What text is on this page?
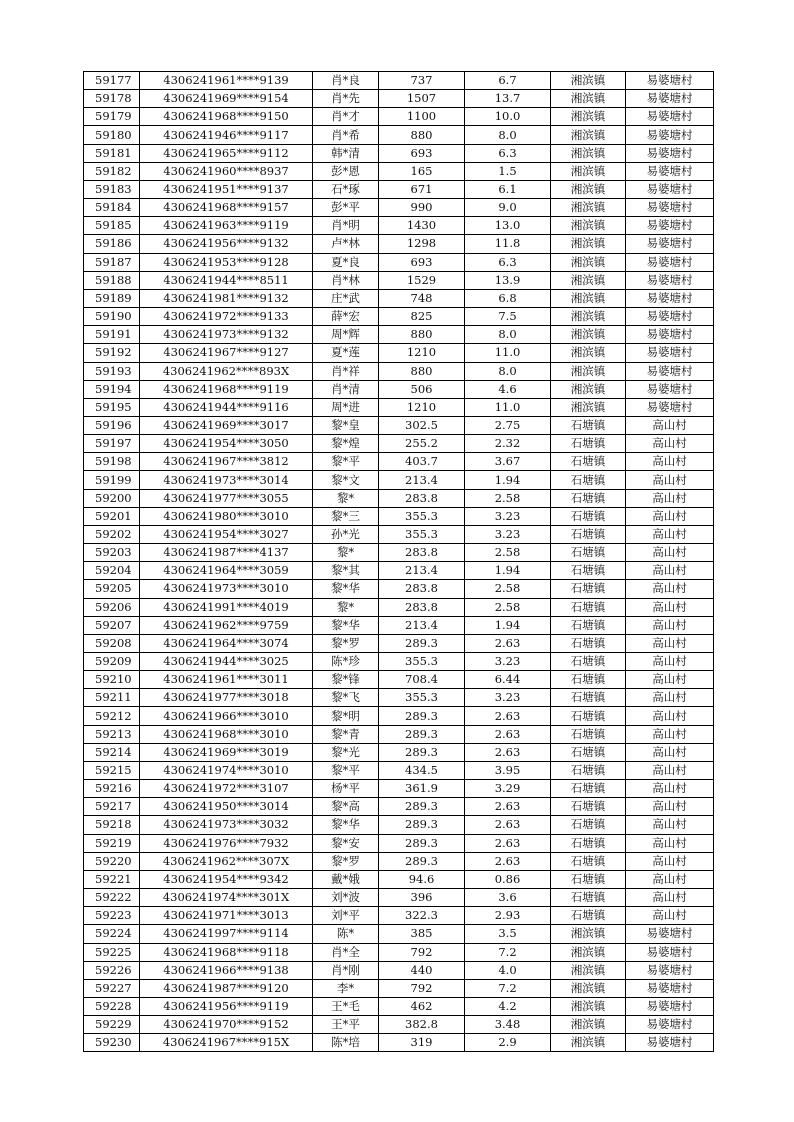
59177	4306241961****9139	肖*良	737	6.7	湘滨镇	易婆塘村
59178	4306241969****9154	肖*先	1507	13.7	湘滨镇	易婆塘村
59179	4306241968****9150	肖*才	1100	10.0	湘滨镇	易婆塘村
59180	4306241946****9117	肖*希	880	8.0	湘滨镇	易婆塘村
59181	4306241965****9112	韩*清	693	6.3	湘滨镇	易婆塘村
59182	4306241960****8937	彭*恩	165	1.5	湘滨镇	易婆塘村
59183	4306241951****9137	石*琢	671	6.1	湘滨镇	易婆塘村
59184	4306241968****9157	彭*平	990	9.0	湘滨镇	易婆塘村
59185	4306241963****9119	肖*明	1430	13.0	湘滨镇	易婆塘村
59186	4306241956****9132	卢*林	1298	11.8	湘滨镇	易婆塘村
59187	4306241953****9128	夏*良	693	6.3	湘滨镇	易婆塘村
59188	4306241944****8511	肖*林	1529	13.9	湘滨镇	易婆塘村
59189	4306241981****9132	庄*武	748	6.8	湘滨镇	易婆塘村
59190	4306241972****9133	薛*宏	825	7.5	湘滨镇	易婆塘村
59191	4306241973****9132	周*辉	880	8.0	湘滨镇	易婆塘村
59192	4306241967****9127	夏*莲	1210	11.0	湘滨镇	易婆塘村
59193	4306241962****893X	肖*祥	880	8.0	湘滨镇	易婆塘村
59194	4306241968****9119	肖*清	506	4.6	湘滨镇	易婆塘村
59195	4306241944****9116	周*进	1210	11.0	湘滨镇	易婆塘村
59196	4306241969****3017	黎*皇	302.5	2.75	石塘镇	高山村
59197	4306241954****3050	黎*煌	255.2	2.32	石塘镇	高山村
59198	4306241967****3812	黎*平	403.7	3.67	石塘镇	高山村
59199	4306241973****3014	黎*文	213.4	1.94	石塘镇	高山村
59200	4306241977****3055	黎*	283.8	2.58	石塘镇	高山村
59201	4306241980****3010	黎*三	355.3	3.23	石塘镇	高山村
59202	4306241954****3027	孙*光	355.3	3.23	石塘镇	高山村
59203	4306241987****4137	黎*	283.8	2.58	石塘镇	高山村
59204	4306241964****3059	黎*其	213.4	1.94	石塘镇	高山村
59205	4306241973****3010	黎*华	283.8	2.58	石塘镇	高山村
59206	4306241991****4019	黎*	283.8	2.58	石塘镇	高山村
59207	4306241962****9759	黎*华	213.4	1.94	石塘镇	高山村
59208	4306241964****3074	黎*罗	289.3	2.63	石塘镇	高山村
59209	4306241944****3025	陈*珍	355.3	3.23	石塘镇	高山村
59210	4306241961****3011	黎*锋	708.4	6.44	石塘镇	高山村
59211	4306241977****3018	黎*飞	355.3	3.23	石塘镇	高山村
59212	4306241966****3010	黎*明	289.3	2.63	石塘镇	高山村
59213	4306241968****3010	黎*青	289.3	2.63	石塘镇	高山村
59214	4306241969****3019	黎*光	289.3	2.63	石塘镇	高山村
59215	4306241974****3010	黎*平	434.5	3.95	石塘镇	高山村
59216	4306241972****3107	杨*平	361.9	3.29	石塘镇	高山村
59217	4306241950****3014	黎*高	289.3	2.63	石塘镇	高山村
59218	4306241973****3032	黎*华	289.3	2.63	石塘镇	高山村
59219	4306241976****7932	黎*安	289.3	2.63	石塘镇	高山村
59220	4306241962****307X	黎*罗	289.3	2.63	石塘镇	高山村
59221	4306241954****9342	戴*娥	94.6	0.86	石塘镇	高山村
59222	4306241974****301X	刘*波	396	3.6	石塘镇	高山村
59223	4306241971****3013	刘*平	322.3	2.93	石塘镇	高山村
59224	4306241997****9114	陈*	385	3.5	湘滨镇	易婆塘村
59225	4306241968****9118	肖*全	792	7.2	湘滨镇	易婆塘村
59226	4306241966****9138	肖*刚	440	4.0	湘滨镇	易婆塘村
59227	4306241987****9120	李*	792	7.2	湘滨镇	易婆塘村
59228	4306241956****9119	王*毛	462	4.2	湘滨镇	易婆塘村
59229	4306241970****9152	王*平	382.8	3.48	湘滨镇	易婆塘村
59230	4306241967****915X	陈*培	319	2.9	湘滨镇	易婆塘村
